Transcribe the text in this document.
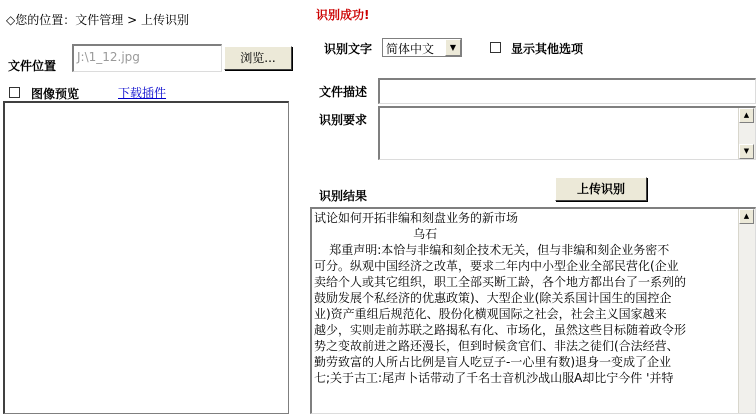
◇您的位置：文件管理 > 上传识别	识别成功!
文件位置
J:\1_12.jpg	浏览...
图像预览	下载插件
识别文字 简体中文	▼	显示其他选项
文件描述
识别要求	▲
▼
上传识别
识别结果
试论如何开拓非编和刻盘业务的新市场
乌石
郑重声明:本恰与非编和刻企技术无关，但与非编和刻企业务密不
可分。纵观中国经济之改革，要求二年内中小型企业全部民营化(企业
卖给个人或其它组织，职工全部买断工龄，各个地方都出台了一系列的
鼓励发展个私经济的优惠政策)、大型企业(除关系国计国生的国控企
业)资产重组后规范化、股份化横观国际之社会，社会主义国家越来
越少，实则走前苏联之路揭私有化、市场化，虽然这些目标随着政令形
势之变故前进之路还漫长，但到时候贪官们、非法之徒们(合法经营、
勤劳致富的人所占比例是盲人吃豆子-一心里有数)退身一变成了企业
七;关于古工:尾声卜话带动了千名士音机沙战山服A却比宁今件 '并特
▲
